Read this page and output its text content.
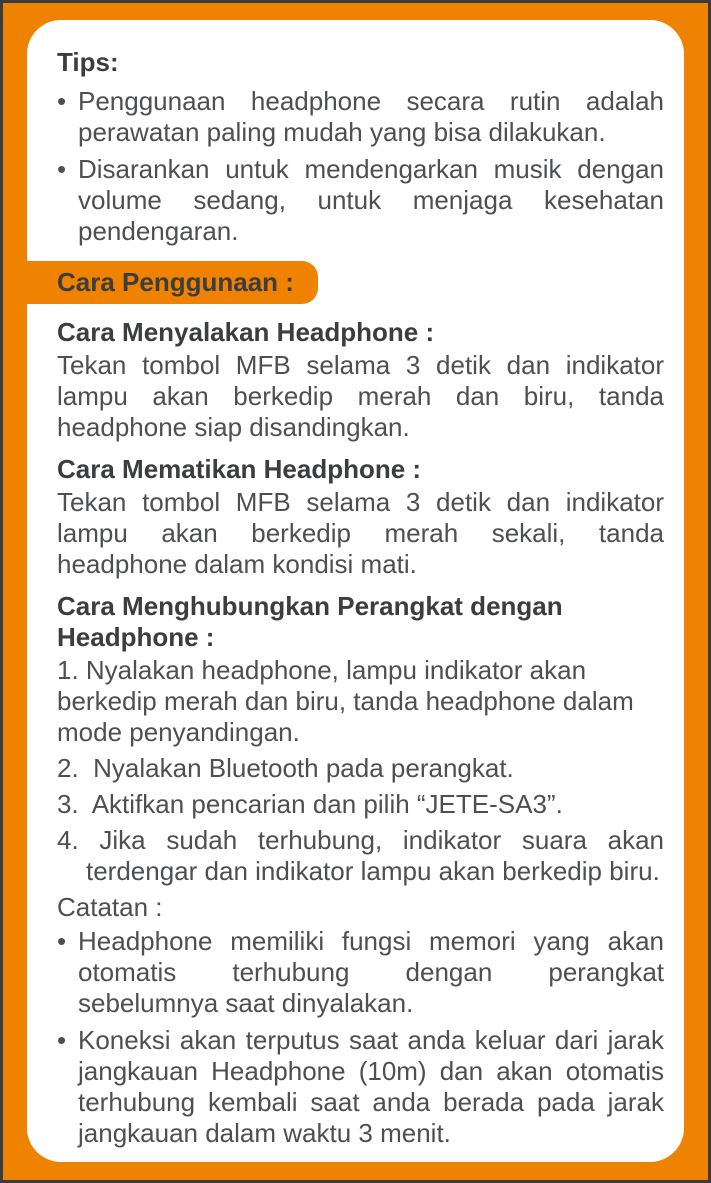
Tips:
• Penggunaan headphone secara rutin adalah perawatan paling mudah yang bisa dilakukan.
• Disarankan untuk mendengarkan musik dengan volume sedang, untuk menjaga kesehatan pendengaran.
Cara Penggunaan :
Cara Menyalakan Headphone :
Tekan tombol MFB selama 3 detik dan indikator lampu akan berkedip merah dan biru, tanda headphone siap disandingkan.
Cara Mematikan Headphone :
Tekan tombol MFB selama 3 detik dan indikator lampu akan berkedip merah sekali, tanda headphone dalam kondisi mati.
Cara Menghubungkan Perangkat dengan Headphone :

1. Nyalakan headphone, lampu indikator akan berkedip merah dan biru, tanda headphone dalam mode penyandingan.

2.  Nyalakan Bluetooth pada perangkat.

3.  Aktifkan pencarian dan pilih “JETE-SA3”.

4. Jika sudah terhubung, indikator suara akan terdengar dan indikator lampu akan berkedip biru.

Catatan :
• Headphone memiliki fungsi memori yang akan otomatis terhubung dengan perangkat sebelumnya saat dinyalakan.
• Koneksi akan terputus saat anda keluar dari jarak jangkauan Headphone (10m) dan akan otomatis terhubung kembali saat anda berada pada jarak jangkauan dalam waktu 3 menit.
